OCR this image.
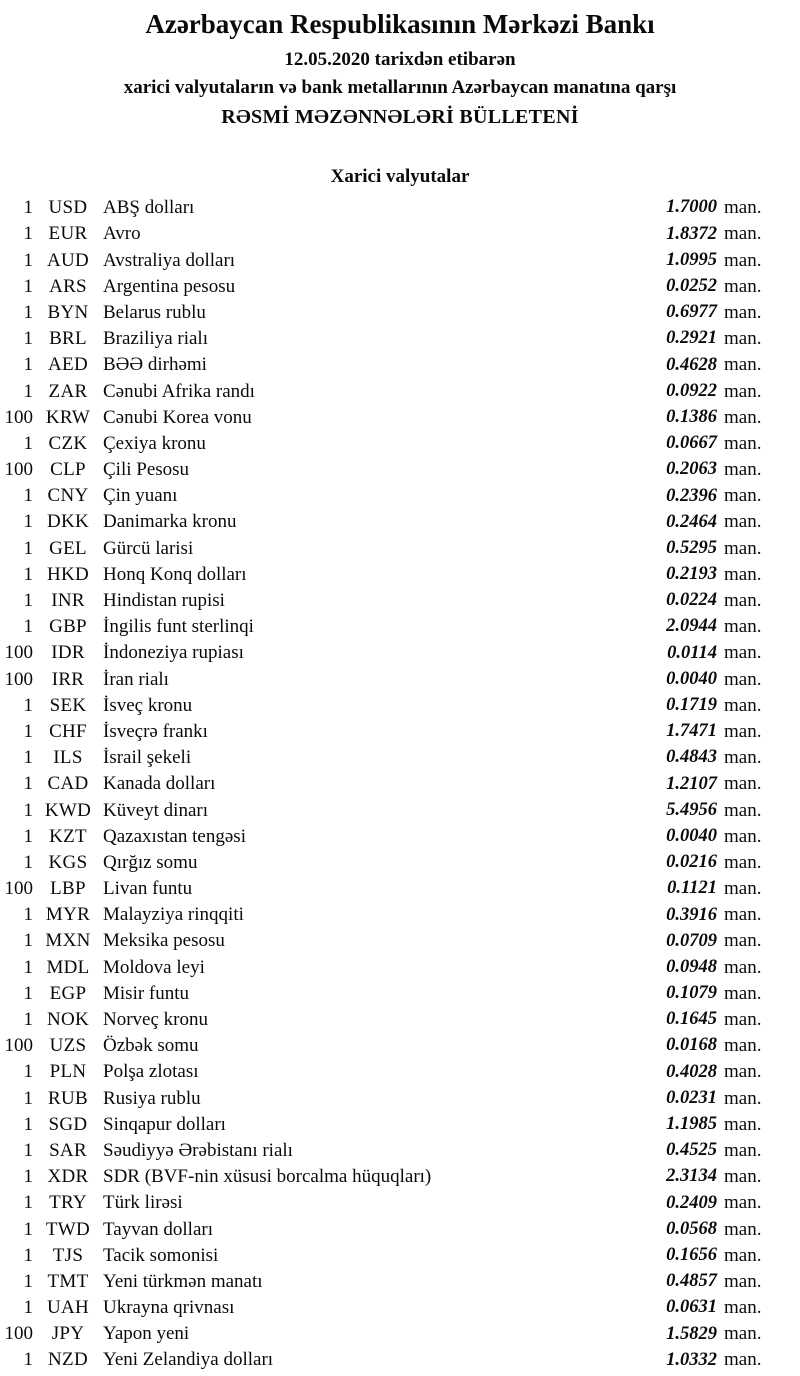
Azərbaycan Respublikasının Mərkəzi Bankı
12.05.2020 tarixdən etibarən
xarici valyutaların və bank metallarının Azərbaycan manatına qarşı
RƏSMİ MƏZƏNNƏLƏRİ BÜLLETENİ
Xarici valyutalar
1 USD ABŞ dolları	1.7000 man.
1 EUR Avro	1.8372 man.
1 AUD Avstraliya dolları	1.0995 man.
1 ARS Argentina pesosu	0.0252 man.
1 BYN Belarus rublu	0.6977 man.
1 BRL Braziliya rialı	0.2921 man.
1 AED BƏƏ dirhəmi	0.4628 man.
1 ZAR Cənubi Afrika randı	0.0922 man.
100 KRW Cənubi Korea vonu	0.1386 man.
1 CZK Çexiya kronu	0.0667 man.
100 CLP Çili Pesosu	0.2063 man.
1 CNY Çin yuanı	0.2396 man.
1 DKK Danimarka kronu	0.2464 man.
1 GEL Gürcü larisi	0.5295 man.
1 HKD Honq Konq dolları	0.2193 man.
1 INR Hindistan rupisi	0.0224 man.
1 GBP İngilis funt sterlinqi	2.0944 man.
100 IDR İndoneziya rupiası	0.0114 man.
100 IRR İran rialı	0.0040 man.
1 SEK İsveç kronu	0.1719 man.
1 CHF İsveçrə frankı	1.7471 man.
1	ILS	İsrail şekeli	0.4843 man.
1 CAD Kanada dolları	1.2107 man.
1 KWD Küveyt dinarı	5.4956 man.
1 KZT Qazaxıstan tengəsi	0.0040 man.
1 KGS Qırğız somu	0.0216 man.
100 LBP Livan funtu	0.1121 man.
1 MYR Malayziya rinqqiti	0.3916 man.
1 MXN Meksika pesosu	0.0709 man.
1 MDL Moldova leyi	0.0948 man.
1 EGP Misir funtu	0.1079 man.
1 NOK Norveç kronu	0.1645 man.
100 UZS Özbək somu	0.0168 man.
1 PLN Polşa zlotası	0.4028 man.
1 RUB Rusiya rublu	0.0231 man.
1 SGD Sinqapur dolları	1.1985 man.
1 SAR Səudiyyə Ərəbistanı rialı	0.4525 man.
1 XDR SDR (BVF-nin xüsusi borcalma hüquqları)	2.3134 man.
1 TRY Türk lirəsi	0.2409 man.
1 TWD Tayvan dolları	0.0568 man.
1	TJS	Tacik somonisi	0.1656 man.
1 TMT Yeni türkmən manatı	0.4857 man.
1 UAH Ukrayna qrivnası	0.0631 man.
100 JPY Yapon yeni	1.5829 man.
1 NZD Yeni Zelandiya dolları	1.0332 man.
